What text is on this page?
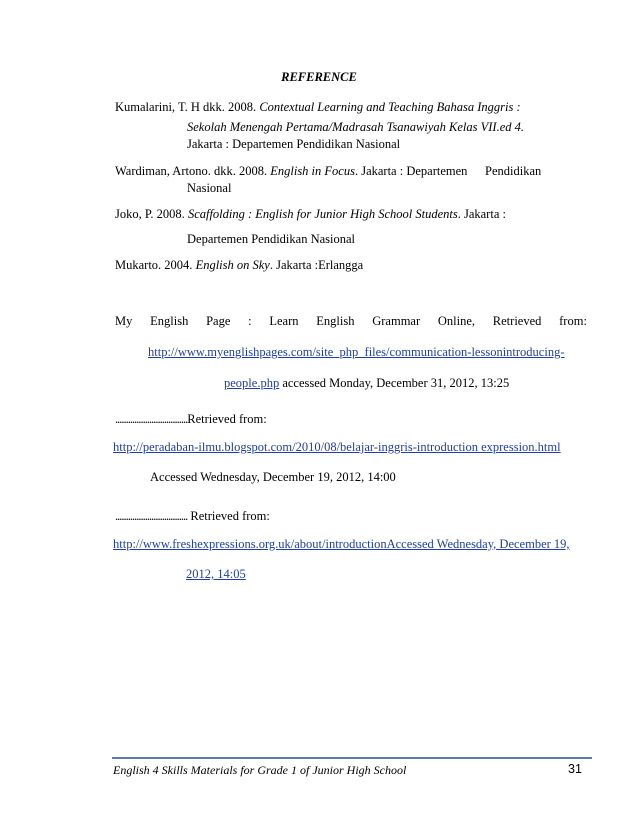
REFERENCE
Kumalarini, T. H dkk. 2008. Contextual Learning and Teaching Bahasa Inggris :
Sekolah Menengah Pertama/Madrasah Tsanawiyah Kelas VII.ed 4.
Jakarta : Departemen Pendidikan Nasional
Wardiman, Artono. dkk. 2008. English in Focus. Jakarta : Departemen Pendidikan
Nasional
Joko, P. 2008. Scaffolding : English for Junior High School Students. Jakarta :
Departemen Pendidikan Nasional
Mukarto. 2004. English on Sky. Jakarta :Erlangga
My English Page : Learn English Grammar Online, Retrieved from:
http://www.myenglishpages.com/site_php_files/communication-lessonintroducing-
people.php accessed Monday, December 31, 2012, 13:25
..................................Retrieved from:
http://peradaban-ilmu.blogspot.com/2010/08/belajar-inggris-introduction expression.html
Accessed Wednesday, December 19, 2012, 14:00
.................................. Retrieved from:
http://www.freshexpressions.org.uk/about/introductionAccessed Wednesday, December 19,
2012, 14:05
English 4 Skills Materials for Grade 1 of Junior High School	31
